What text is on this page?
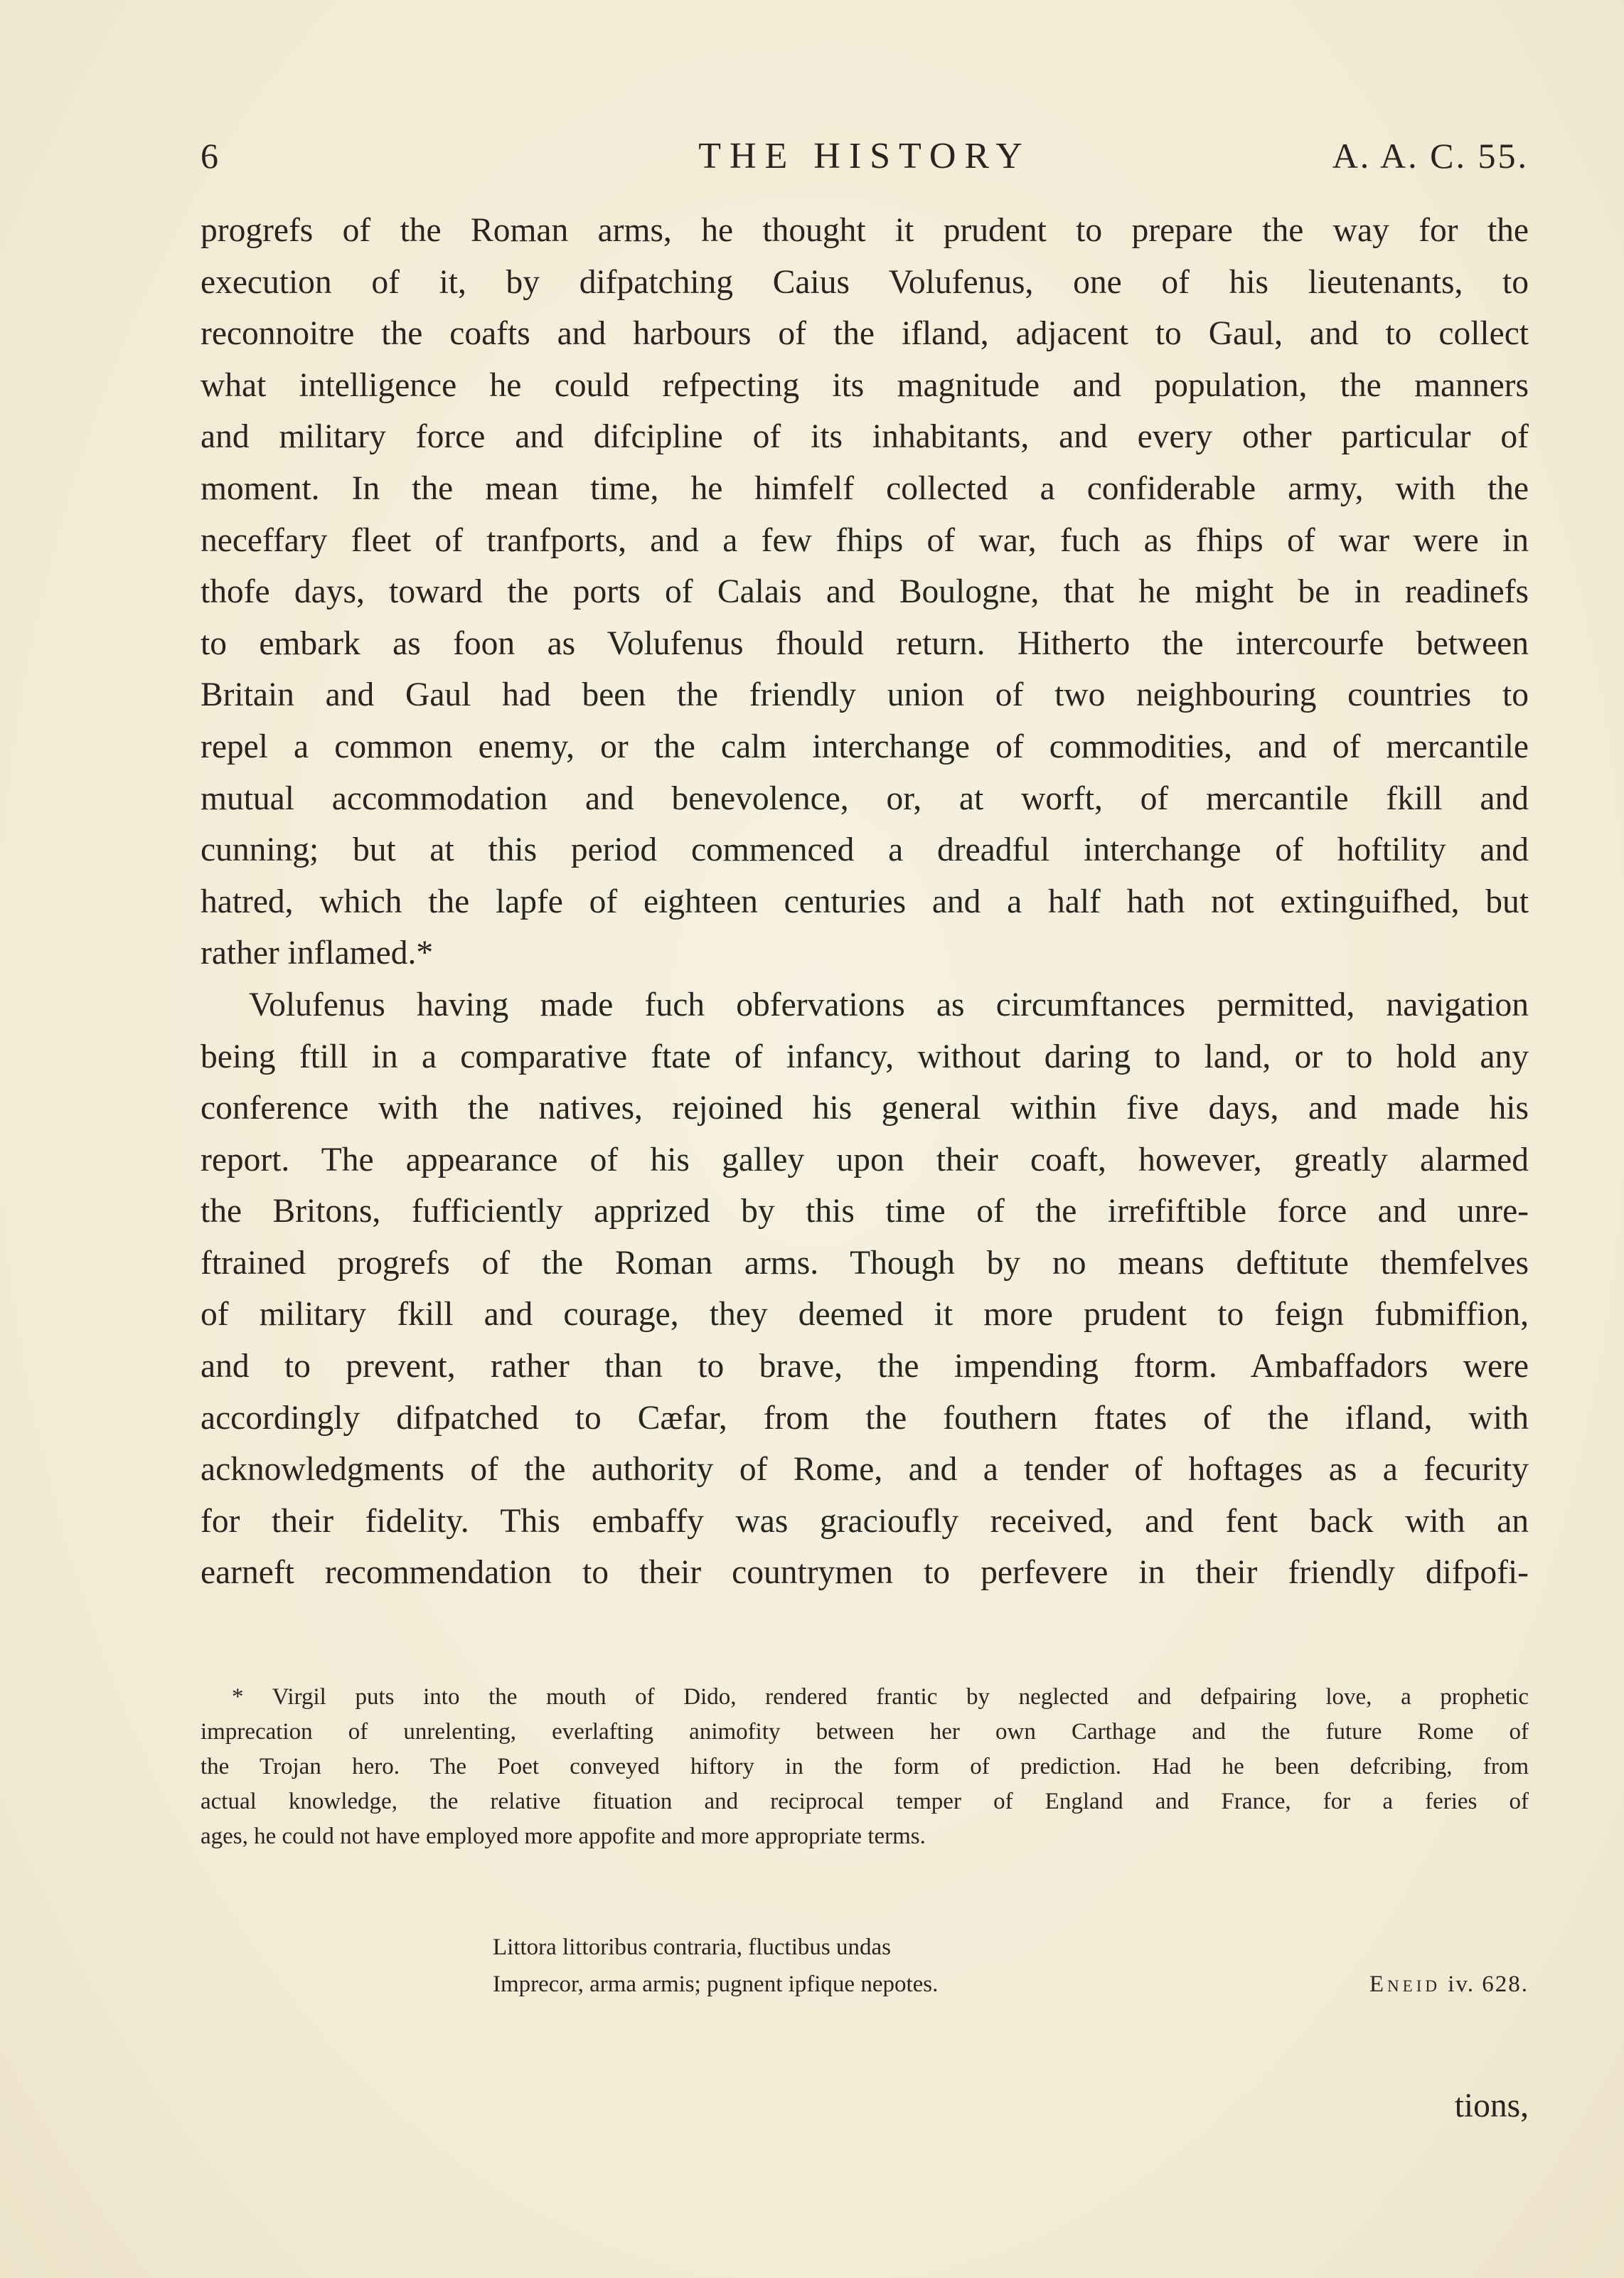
6	THE HISTORY	A. A. C. 55.
progrefs of the Roman arms, he thought it prudent to prepare the way for the
execution of it, by difpatching Caius Volufenus, one of his lieutenants, to
reconnoitre the coafts and harbours of the ifland, adjacent to Gaul, and to collect
what intelligence he could refpecting its magnitude and population, the manners
and military force and difcipline of its inhabitants, and every other particular of
moment. In the mean time, he himfelf collected a confiderable army, with the
neceffary fleet of tranfports, and a few fhips of war, fuch as fhips of war were in
thofe days, toward the ports of Calais and Boulogne, that he might be in readinefs
to embark as foon as Volufenus fhould return. Hitherto the intercourfe between
Britain and Gaul had been the friendly union of two neighbouring countries to
repel a common enemy, or the calm interchange of commodities, and of mercantile
mutual accommodation and benevolence, or, at worft, of mercantile fkill and
cunning; but at this period commenced a dreadful interchange of hoftility and
hatred, which the lapfe of eighteen centuries and a half hath not extinguifhed, but
rather inflamed.*
Volufenus having made fuch obfervations as circumftances permitted, navigation
being ftill in a comparative ftate of infancy, without daring to land, or to hold any
conference with the natives, rejoined his general within five days, and made his
report. The appearance of his galley upon their coaft, however, greatly alarmed
the Britons, fufficiently apprized by this time of the irrefiftible force and unre-
ftrained progrefs of the Roman arms. Though by no means deftitute themfelves
of military fkill and courage, they deemed it more prudent to feign fubmiffion,
and to prevent, rather than to brave, the impending ftorm. Ambaffadors were
accordingly difpatched to Cæfar, from the fouthern ftates of the ifland, with
acknowledgments of the authority of Rome, and a tender of hoftages as a fecurity
for their fidelity. This embaffy was gracioufly received, and fent back with an
earneft recommendation to their countrymen to perfevere in their friendly difpofi-
* Virgil puts into the mouth of Dido, rendered frantic by neglected and defpairing love, a prophetic
imprecation of unrelenting, everlafting animofity between her own Carthage and the future Rome of
the Trojan hero. The Poet conveyed hiftory in the form of prediction. Had he been defcribing, from
actual knowledge, the relative fituation and reciprocal temper of England and France, for a feries of
ages, he could not have employed more appofite and more appropriate terms.
Littora littoribus contraria, fluctibus undas
Imprecor, arma armis; pugnent ipfique nepotes.	Eneid iv. 628.
tions,
